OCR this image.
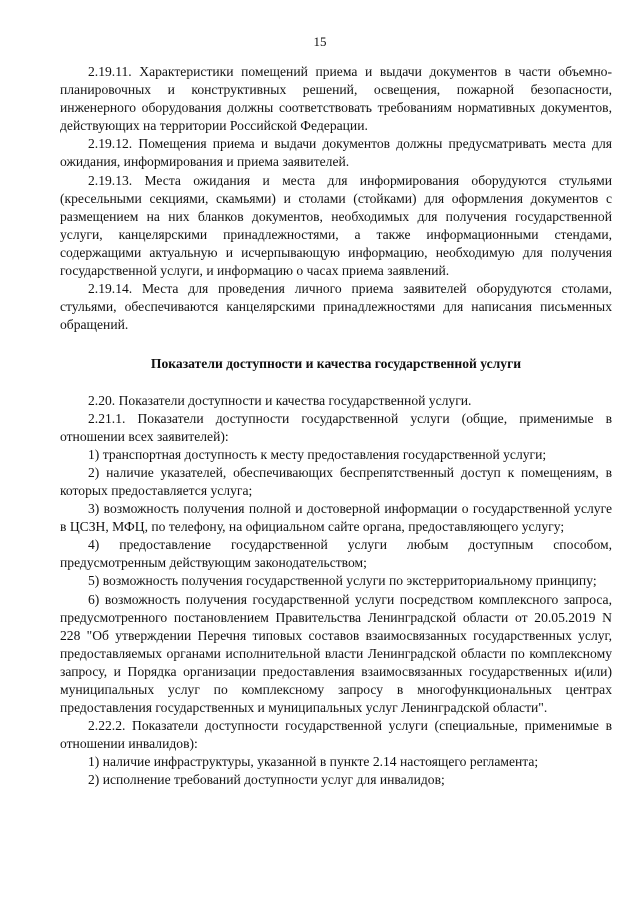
15

2.19.11. Характеристики помещений приема и выдачи документов в части объемно-планировочных и конструктивных решений, освещения, пожарной безопасности, инженерного оборудования должны соответствовать требованиям нормативных документов, действующих на территории Российской Федерации.

2.19.12. Помещения приема и выдачи документов должны предусматривать места для ожидания, информирования и приема заявителей.

2.19.13. Места ожидания и места для информирования оборудуются стульями (кресельными секциями, скамьями) и столами (стойками) для оформления документов с размещением на них бланков документов, необходимых для получения государственной услуги, канцелярскими принадлежностями, а также информационными стендами, содержащими актуальную и исчерпывающую информацию, необходимую для получения государственной услуги, и информацию о часах приема заявлений.

2.19.14. Места для проведения личного приема заявителей оборудуются столами, стульями, обеспечиваются канцелярскими принадлежностями для написания письменных обращений.

Показатели доступности и качества государственной услуги

2.20. Показатели доступности и качества государственной услуги.

2.21.1. Показатели доступности государственной услуги (общие, применимые в отношении всех заявителей):

1) транспортная доступность к месту предоставления государственной услуги;

2) наличие указателей, обеспечивающих беспрепятственный доступ к помещениям, в которых предоставляется услуга;

3) возможность получения полной и достоверной информации о государственной услуге в ЦСЗН, МФЦ, по телефону, на официальном сайте органа, предоставляющего услугу;

4) предоставление государственной услуги любым доступным способом, предусмотренным действующим законодательством;

5) возможность получения государственной услуги по экстерриториальному принципу;

6) возможность получения государственной услуги посредством комплексного запроса, предусмотренного постановлением Правительства Ленинградской области от 20.05.2019 N 228 "Об утверждении Перечня типовых составов взаимосвязанных государственных услуг, предоставляемых органами исполнительной власти Ленинградской области по комплексному запросу, и Порядка организации предоставления взаимосвязанных государственных и(или) муниципальных услуг по комплексному запросу в многофункциональных центрах предоставления государственных и муниципальных услуг Ленинградской области".

2.22.2. Показатели доступности государственной услуги (специальные, применимые в отношении инвалидов):

1) наличие инфраструктуры, указанной в пункте 2.14 настоящего регламента;

2) исполнение требований доступности услуг для инвалидов;
